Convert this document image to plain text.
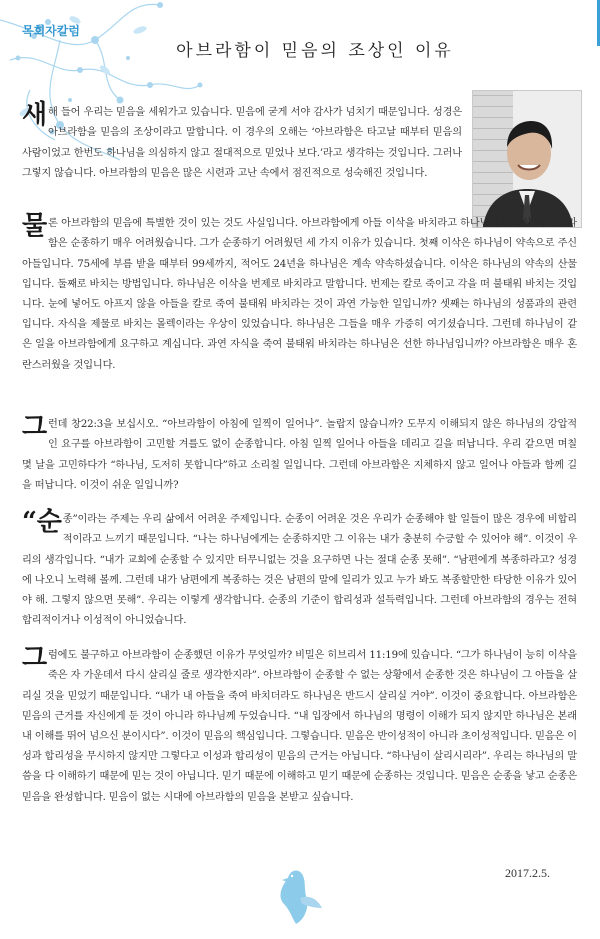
목회자칼럼
아브라함이 믿음의 조상인 이유

새해 들어 우리는 믿음을 세워가고 있습니다. 믿음에 굳게 서야 감사가 넘치기 때문입니다. 성경은 아브라함을 믿음의 조상이라고 말합니다. 이 경우의 오해는 ‘아브라함은 타고날 때부터 믿음의 사람이었고 한번도 하나님을 의심하지 않고 절대적으로 믿었나 보다.’라고 생각하는 것입니다. 그러나 그렇지 않습니다. 아브라함의 믿음은 많은 시련과 고난 속에서 점진적으로 성숙해진 것입니다.

물론 아브라함의 믿음에 특별한 것이 있는 것도 사실입니다. 아브라함에게 아들 이삭을 바치라고 하나님이 명하실 때 아브라함은 순종하기 매우 어려웠습니다. 그가 순종하기 어려웠던 세 가지 이유가 있습니다. 첫째 이삭은 하나님이 약속으로 주신 아들입니다. 75세에 부름 받을 때부터 99세까지, 적어도 24년을 하나님은 계속 약속하셨습니다. 이삭은 하나님의 약속의 산물입니다. 둘째로 바치는 방법입니다. 하나님은 이삭을 번제로 바치라고 말합니다. 번제는 칼로 죽이고 각을 떠 불태워 바치는 것입니다. 눈에 넣어도 아프지 않을 아들을 칼로 죽여 불태워 바치라는 것이 과연 가능한 일입니까? 셋째는 하나님의 성품과의 관련입니다. 자식을 제물로 바치는 몰렉이라는 우상이 있었습니다. 하나님은 그들을 매우 가증히 여기셨습니다. 그런데 하나님이 같은 일을 아브라함에게 요구하고 계십니다. 과연 자식을 죽여 불태워 바치라는 하나님은 선한 하나님입니까? 아브라함은 매우 혼란스러웠을 것입니다.

그런데 창22:3을 보십시오. “아브라함이 아침에 일찍이 일어나”. 놀랍지 않습니까? 도무지 이해되지 않은 하나님의 강압적인 요구를 아브라함이 고민할 겨를도 없이 순종합니다. 아침 일찍 일어나 아들을 데리고 길을 떠납니다. 우리 같으면 며칠 몇 날을 고민하다가 “하나님, 도저히 못합니다”하고 소리칠 일입니다. 그런데 아브라함은 지체하지 않고 일어나 아들과 함께 길을 떠납니다. 이것이 쉬운 일입니까?

“순종”이라는 주제는 우리 삶에서 어려운 주제입니다. 순종이 어려운 것은 우리가 순종해야 할 일들이 많은 경우에 비합리적이라고 느끼기 때문입니다. “나는 하나님에게는 순종하지만 그 이유는 내가 충분히 수긍할 수 있어야 해”. 이것이 우리의 생각입니다. “내가 교회에 순종할 수 있지만 터무니없는 것을 요구하면 나는 절대 순종 못해”. “남편에게 복종하라고? 성경에 나오니 노력해 볼께. 그런데 내가 남편에게 복종하는 것은 남편의 말에 일리가 있고 누가 봐도 복종할만한 타당한 이유가 있어야 해. 그렇지 않으면 못해”. 우리는 이렇게 생각합니다. 순종의 기준이 합리성과 설득력입니다. 그런데 아브라함의 경우는 전혀 합리적이거나 이성적이 아니었습니다.

그럼에도 불구하고 아브라함이 순종했던 이유가 무엇일까? 비밀은 히브리서 11:19에 있습니다. “그가 하나님이 능히 이삭을 죽은 자 가운데서 다시 살리실 줄로 생각한지라”. 아브라함이 순종할 수 없는 상황에서 순종한 것은 하나님이 그 아들을 살리실 것을 믿었기 때문입니다. “내가 내 아들을 죽여 바치더라도 하나님은 반드시 살리실 거야”. 이것이 중요합니다. 아브라함은 믿음의 근거를 자신에게 둔 것이 아니라 하나님께 두었습니다. “내 입장에서 하나님의 명령이 이해가 되지 않지만 하나님은 본래 내 이해를 뛰어 넘으신 분이시다”. 이것이 믿음의 핵심입니다. 그렇습니다. 믿음은 반이성적이 아니라 초이성적입니다. 믿음은 이성과 합리성을 무시하지 않지만 그렇다고 이성과 합리성이 믿음의 근거는 아닙니다. “하나님이 살리시리라”. 우리는 하나님의 말씀을 다 이해하기 때문에 믿는 것이 아닙니다. 믿기 때문에 이해하고 믿기 때문에 순종하는 것입니다. 믿음은 순종을 낳고 순종은 믿음을 완성합니다. 믿음이 없는 시대에 아브라함의 믿음을 본받고 싶습니다.

2017.2.5.
